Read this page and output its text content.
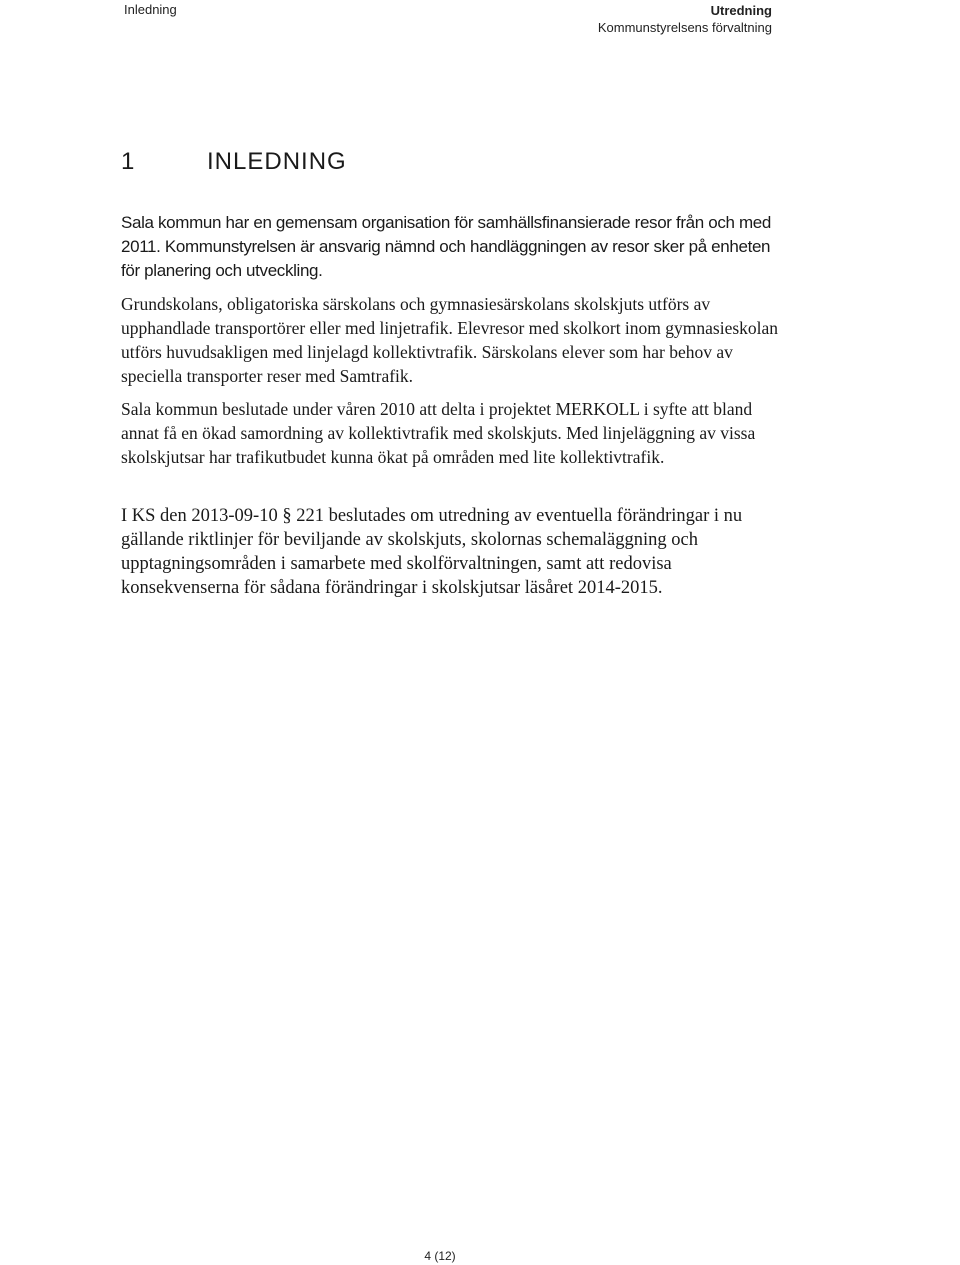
Inledning	Utredning
Kommunstyrelsens förvaltning
1	INLEDNING

Sala kommun har en gemensam organisation för samhällsfinansierade resor från och med 2011. Kommunstyrelsen är ansvarig nämnd och handläggningen av resor sker på enheten för planering och utveckling.

Grundskolans, obligatoriska särskolans och gymnasiesärskolans skolskjuts utförs av upphandlade transportörer eller med linjetrafik. Elevresor med skolkort inom gymnasieskolan utförs huvudsakligen med linjelagd kollektivtrafik. Särskolans elever som har behov av speciella transporter reser med Samtrafik.

Sala kommun beslutade under våren 2010 att delta i projektet MERKOLL i syfte att bland annat få en ökad samordning av kollektivtrafik med skolskjuts. Med linjeläggning av vissa skolskjutsar har trafikutbudet kunna ökat på områden med lite kollektivtrafik.

I KS den 2013-09-10 § 221 beslutades om utredning av eventuella förändringar i nu gällande riktlinjer för beviljande av skolskjuts, skolornas schemaläggning och upptagningsområden i samarbete med skolförvaltningen, samt att redovisa konsekvenserna för sådana förändringar i skolskjutsar läsåret 2014-2015.

4 (12)
